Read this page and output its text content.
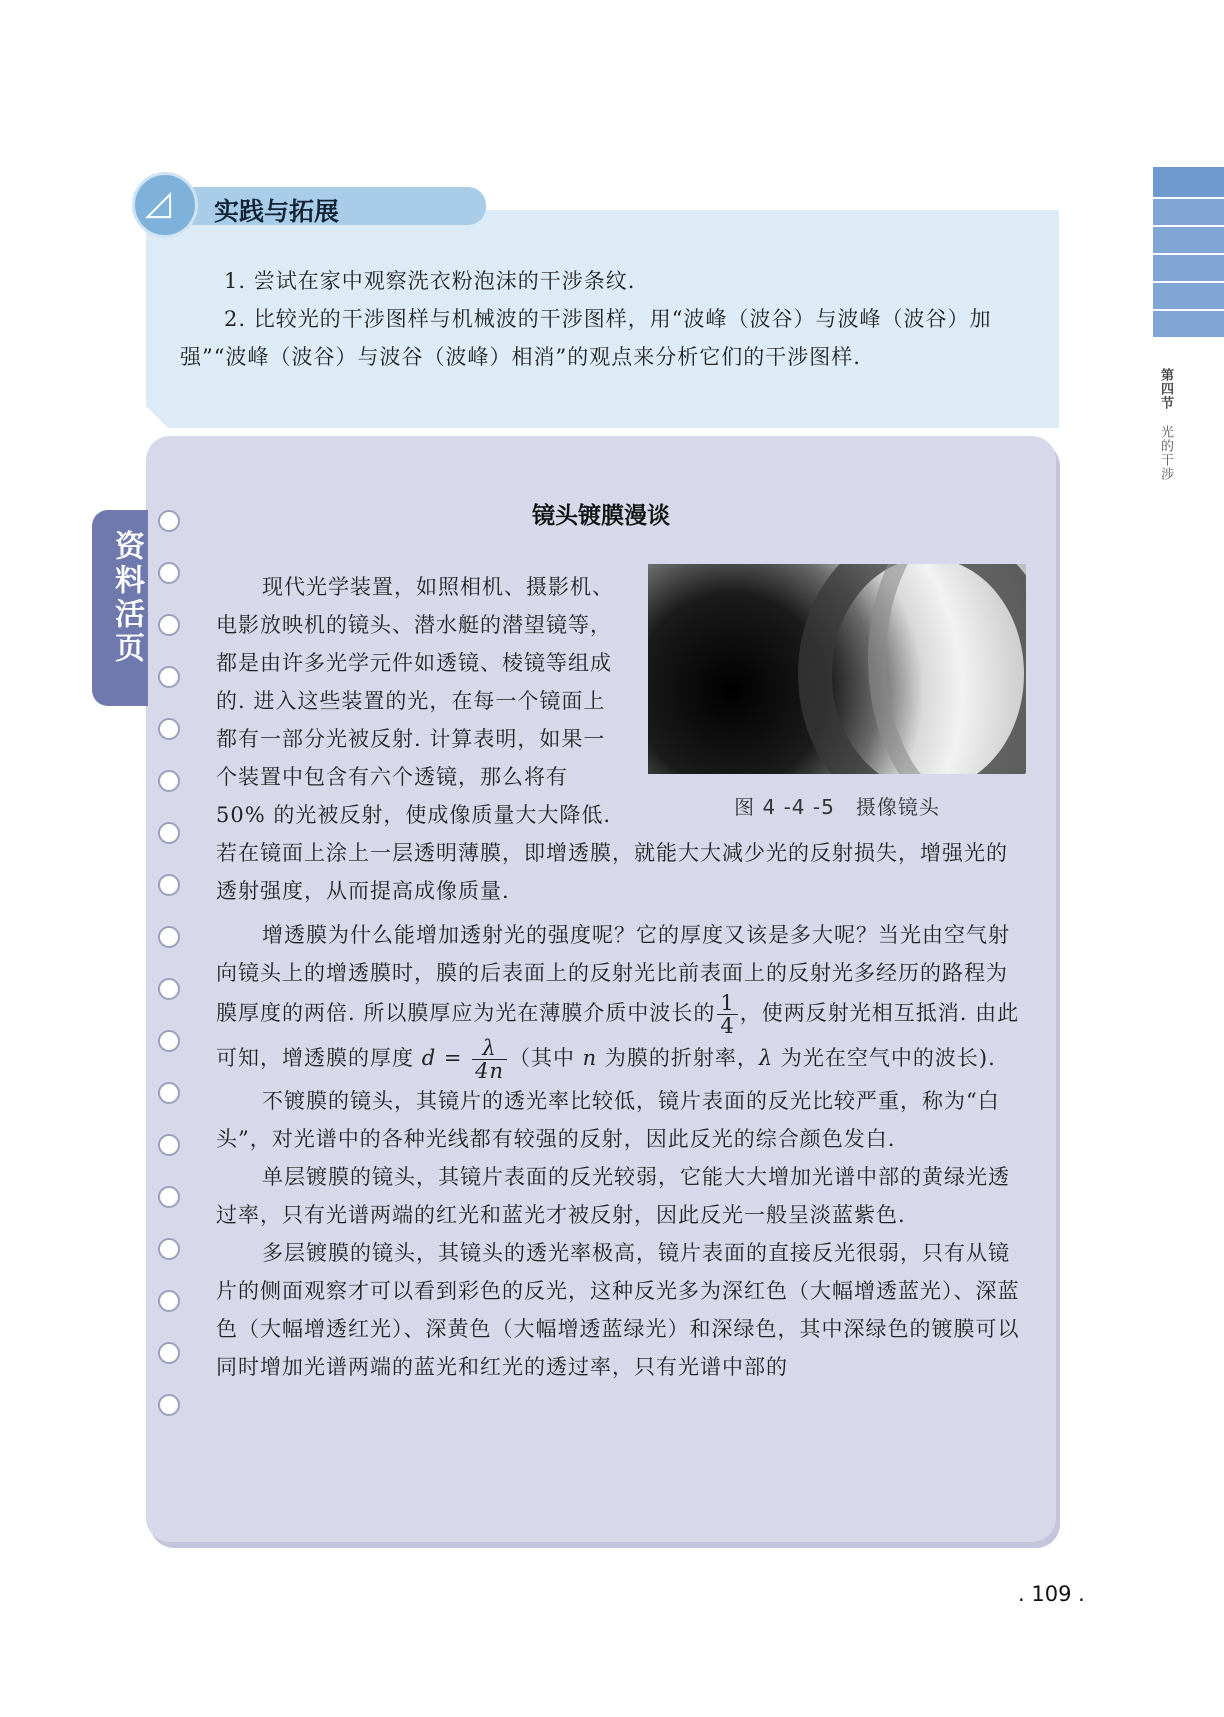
第四节 光的干涉
实践与拓展
◿

1. 尝试在家中观察洗衣粉泡沫的干涉条纹.

2. 比较光的干涉图样与机械波的干涉图样，用“波峰（波谷）与波峰（波谷）加强”“波峰（波谷）与波谷（波峰）相消”的观点来分析它们的干涉图样.

资料活页
镜头镀膜漫谈
图 4 -4 -5　摄像镜头

现代光学装置，如照相机、摄影机、电影放映机的镜头、潜水艇的潜望镜等，都是由许多光学元件如透镜、棱镜等组成的. 进入这些装置的光，在每一个镜面上都有一部分光被反射. 计算表明，如果一个装置中包含有六个透镜，那么将有 50% 的光被反射，使成像质量大大降低. 若在镜面上涂上一层透明薄膜，即增透膜，就能大大减少光的反射损失，增强光的透射强度，从而提高成像质量.

增透膜为什么能增加透射光的强度呢？它的厚度又该是多大呢？当光由空气射向镜头上的增透膜时，膜的后表面上的反射光比前表面上的反射光多经历的路程为膜厚度的两倍. 所以膜厚应为光在薄膜介质中波长的 $\frac{1}{4}$ ，使两反射光相互抵消. 由此可知，增透膜的厚度 $d = \frac{\lambda}{4n}$ （其中 n 为膜的折射率，λ 为光在空气中的波长).

不镀膜的镜头，其镜片的透光率比较低，镜片表面的反光比较严重，称为“白头”，对光谱中的各种光线都有较强的反射，因此反光的综合颜色发白.

单层镀膜的镜头，其镜片表面的反光较弱，它能大大增加光谱中部的黄绿光透过率，只有光谱两端的红光和蓝光才被反射，因此反光一般呈淡蓝紫色.

多层镀膜的镜头，其镜头的透光率极高，镜片表面的直接反光很弱，只有从镜片的侧面观察才可以看到彩色的反光，这种反光多为深红色（大幅增透蓝光）、深蓝色（大幅增透红光）、深黄色（大幅增透蓝绿光）和深绿色，其中深绿色的镀膜可以同时增加光谱两端的蓝光和红光的透过率，只有光谱中部的

. 109 .
